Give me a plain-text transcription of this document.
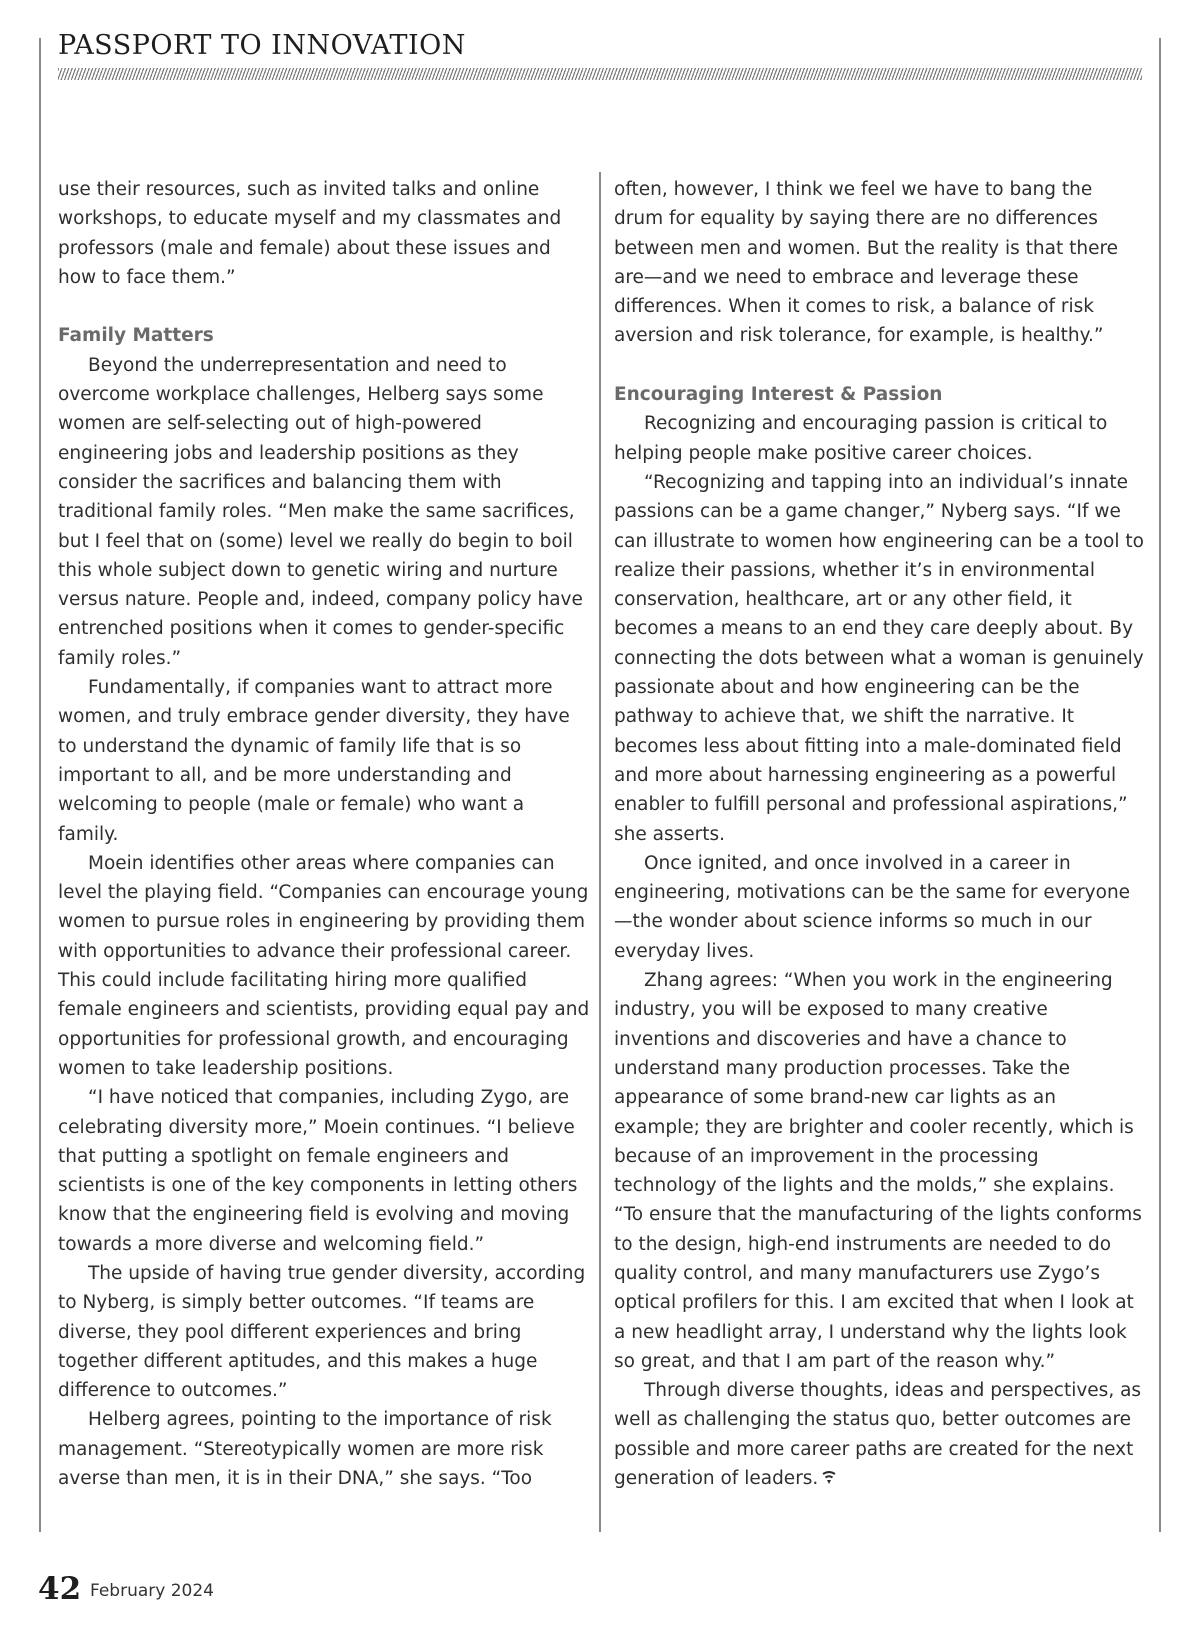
PASSPORT TO INNOVATION

use their resources, such as invited talks and online workshops, to educate myself and my classmates and professors (male and female) about these issues and how to face them.”

Family Matters

Beyond the underrepresentation and need to overcome workplace challenges, Helberg says some women are self-selecting out of high-powered engineering jobs and leadership positions as they consider the sacrifices and balancing them with traditional family roles. “Men make the same sacrifices, but I feel that on (some) level we really do begin to boil this whole subject down to genetic wiring and nurture versus nature. People and, indeed, company policy have entrenched positions when it comes to gender-specific family roles.”

Fundamentally, if companies want to attract more women, and truly embrace gender diversity, they have to understand the dynamic of family life that is so important to all, and be more understanding and welcoming to people (male or female) who want a family.

Moein identifies other areas where companies can level the playing field. “Companies can encourage young women to pursue roles in engineering by providing them with opportunities to advance their professional career. This could include facilitating hiring more qualified female engineers and scientists, providing equal pay and opportunities for professional growth, and encouraging women to take leadership positions.

“I have noticed that companies, including Zygo, are celebrating diversity more,” Moein continues. “I believe that putting a spotlight on female engineers and scientists is one of the key components in letting others know that the engineering field is evolving and moving towards a more diverse and welcoming field.”

The upside of having true gender diversity, according to Nyberg, is simply better outcomes. “If teams are diverse, they pool different experiences and bring together different aptitudes, and this makes a huge difference to outcomes.”

Helberg agrees, pointing to the importance of risk management. “Stereotypically women are more risk averse than men, it is in their DNA,” she says. “Too

often, however, I think we feel we have to bang the drum for equality by saying there are no differences between men and women. But the reality is that there are—and we need to embrace and leverage these differences. When it comes to risk, a balance of risk aversion and risk tolerance, for example, is healthy.”

Encouraging Interest & Passion

Recognizing and encouraging passion is critical to helping people make positive career choices.

“Recognizing and tapping into an individual’s innate passions can be a game changer,” Nyberg says. “If we can illustrate to women how engineering can be a tool to realize their passions, whether it’s in environmental conservation, healthcare, art or any other field, it becomes a means to an end they care deeply about. By connecting the dots between what a woman is genuinely passionate about and how engineering can be the pathway to achieve that, we shift the narrative. It becomes less about fitting into a male-dominated field and more about harnessing engineering as a powerful enabler to fulfill personal and professional aspirations,” she asserts.

Once ignited, and once involved in a career in engineering, motivations can be the same for everyone—the wonder about science informs so much in our everyday lives.

Zhang agrees: “When you work in the engineering industry, you will be exposed to many creative inventions and discoveries and have a chance to understand many production processes. Take the appearance of some brand-new car lights as an example; they are brighter and cooler recently, which is because of an improvement in the processing technology of the lights and the molds,” she explains. “To ensure that the manufacturing of the lights conforms to the design, high-end instruments are needed to do quality control, and many manufacturers use Zygo’s optical profilers for this. I am excited that when I look at a new headlight array, I understand why the lights look so great, and that I am part of the reason why.”

Through diverse thoughts, ideas and perspectives, as well as challenging the status quo, better outcomes are possible and more career paths are created for the next generation of leaders.

42 February 2024
